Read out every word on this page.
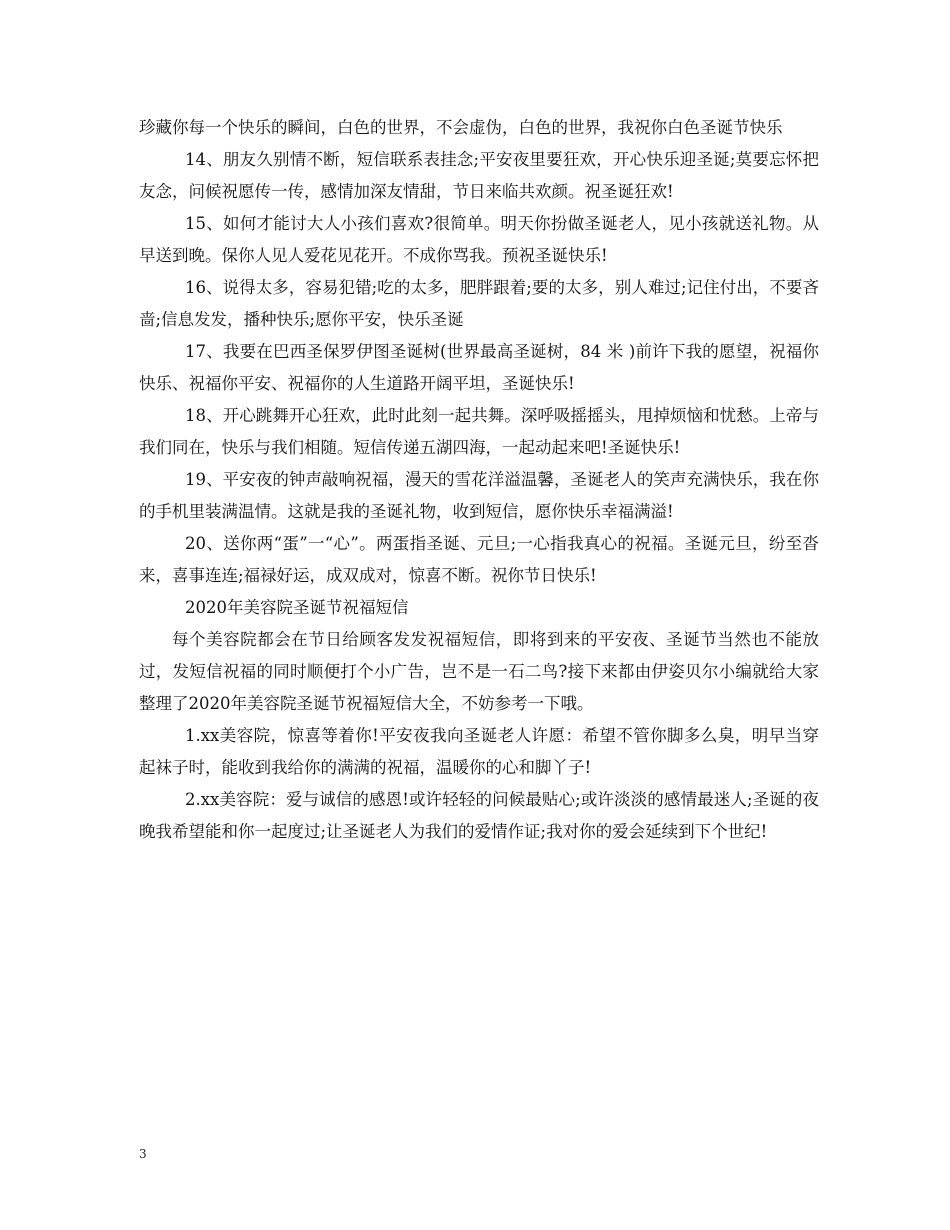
珍藏你每一个快乐的瞬间，白色的世界，不会虚伪，白色的世界，我祝你白色圣诞节快乐

14、朋友久别情不断，短信联系表挂念;平安夜里要狂欢，开心快乐迎圣诞;莫要忘怀把友念，问候祝愿传一传，感情加深友情甜，节日来临共欢颜。祝圣诞狂欢!

15、如何才能讨大人小孩们喜欢?很简单。明天你扮做圣诞老人，见小孩就送礼物。从早送到晚。保你人见人爱花见花开。不成你骂我。预祝圣诞快乐!

16、说得太多，容易犯错;吃的太多，肥胖跟着;要的太多，别人难过;记住付出，不要吝啬;信息发发，播种快乐;愿你平安，快乐圣诞

17、我要在巴西圣保罗伊图圣诞树(世界最高圣诞树，84 米 )前许下我的愿望，祝福你快乐、祝福你平安、祝福你的人生道路开阔平坦，圣诞快乐!

18、开心跳舞开心狂欢，此时此刻一起共舞。深呼吸摇摇头，甩掉烦恼和忧愁。上帝与我们同在，快乐与我们相随。短信传递五湖四海，一起动起来吧!圣诞快乐!

19、平安夜的钟声敲响祝福，漫天的雪花洋溢温馨，圣诞老人的笑声充满快乐，我在你的手机里装满温情。这就是我的圣诞礼物，收到短信，愿你快乐幸福满溢!

20、送你两“蛋”一“心”。两蛋指圣诞、元旦;一心指我真心的祝福。圣诞元旦，纷至沓来，喜事连连;福禄好运，成双成对，惊喜不断。祝你节日快乐!

2020年美容院圣诞节祝福短信

每个美容院都会在节日给顾客发发祝福短信，即将到来的平安夜、圣诞节当然也不能放过，发短信祝福的同时顺便打个小广告，岂不是一石二鸟?接下来都由伊姿贝尔小编就给大家整理了2020年美容院圣诞节祝福短信大全，不妨参考一下哦。

1.xx美容院，惊喜等着你!平安夜我向圣诞老人许愿：希望不管你脚多么臭，明早当穿起袜子时，能收到我给你的满满的祝福，温暖你的心和脚丫子!

2.xx美容院：爱与诚信的感恩!或许轻轻的问候最贴心;或许淡淡的感情最迷人;圣诞的夜晚我希望能和你一起度过;让圣诞老人为我们的爱情作证;我对你的爱会延续到下个世纪!

3
